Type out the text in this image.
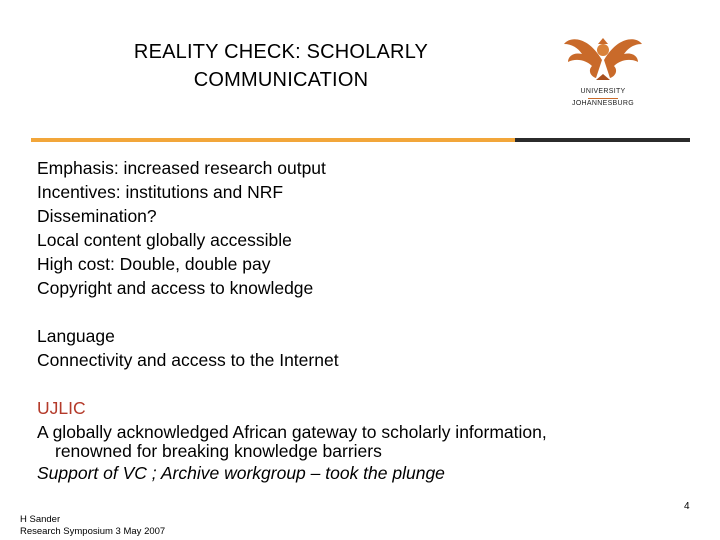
REALITY CHECK: SCHOLARLY
COMMUNICATION
UNIVERSITY
JOHANNESBURG
Emphasis: increased research output
Incentives: institutions and NRF
Dissemination?
Local content globally accessible
High cost: Double, double pay
Copyright and access to knowledge
Language
Connectivity and access to the Internet
UJLIC
A globally acknowledged African gateway to scholarly information,
renowned for breaking knowledge barriers
Support of VC ; Archive workgroup – took the plunge
4
H Sander
Research Symposium 3 May 2007
